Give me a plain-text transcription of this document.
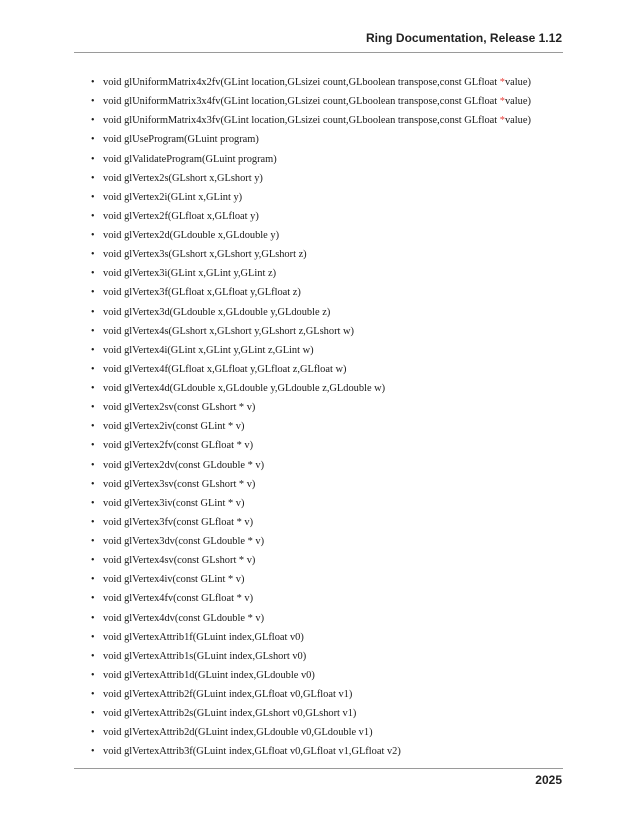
Ring Documentation, Release 1.12
• void glUniformMatrix4x2fv(GLint location,GLsizei count,GLboolean transpose,const GLfloat *value)
• void glUniformMatrix3x4fv(GLint location,GLsizei count,GLboolean transpose,const GLfloat *value)
• void glUniformMatrix4x3fv(GLint location,GLsizei count,GLboolean transpose,const GLfloat *value)
• void glUseProgram(GLuint program)
• void glValidateProgram(GLuint program)
• void glVertex2s(GLshort x,GLshort y)
• void glVertex2i(GLint x,GLint y)
• void glVertex2f(GLfloat x,GLfloat y)
• void glVertex2d(GLdouble x,GLdouble y)
• void glVertex3s(GLshort x,GLshort y,GLshort z)
• void glVertex3i(GLint x,GLint y,GLint z)
• void glVertex3f(GLfloat x,GLfloat y,GLfloat z)
• void glVertex3d(GLdouble x,GLdouble y,GLdouble z)
• void glVertex4s(GLshort x,GLshort y,GLshort z,GLshort w)
• void glVertex4i(GLint x,GLint y,GLint z,GLint w)
• void glVertex4f(GLfloat x,GLfloat y,GLfloat z,GLfloat w)
• void glVertex4d(GLdouble x,GLdouble y,GLdouble z,GLdouble w)
• void glVertex2sv(const GLshort * v)
• void glVertex2iv(const GLint * v)
• void glVertex2fv(const GLfloat * v)
• void glVertex2dv(const GLdouble * v)
• void glVertex3sv(const GLshort * v)
• void glVertex3iv(const GLint * v)
• void glVertex3fv(const GLfloat * v)
• void glVertex3dv(const GLdouble * v)
• void glVertex4sv(const GLshort * v)
• void glVertex4iv(const GLint * v)
• void glVertex4fv(const GLfloat * v)
• void glVertex4dv(const GLdouble * v)
• void glVertexAttrib1f(GLuint index,GLfloat v0)
• void glVertexAttrib1s(GLuint index,GLshort v0)
• void glVertexAttrib1d(GLuint index,GLdouble v0)
• void glVertexAttrib2f(GLuint index,GLfloat v0,GLfloat v1)
• void glVertexAttrib2s(GLuint index,GLshort v0,GLshort v1)
• void glVertexAttrib2d(GLuint index,GLdouble v0,GLdouble v1)
• void glVertexAttrib3f(GLuint index,GLfloat v0,GLfloat v1,GLfloat v2)
2025
